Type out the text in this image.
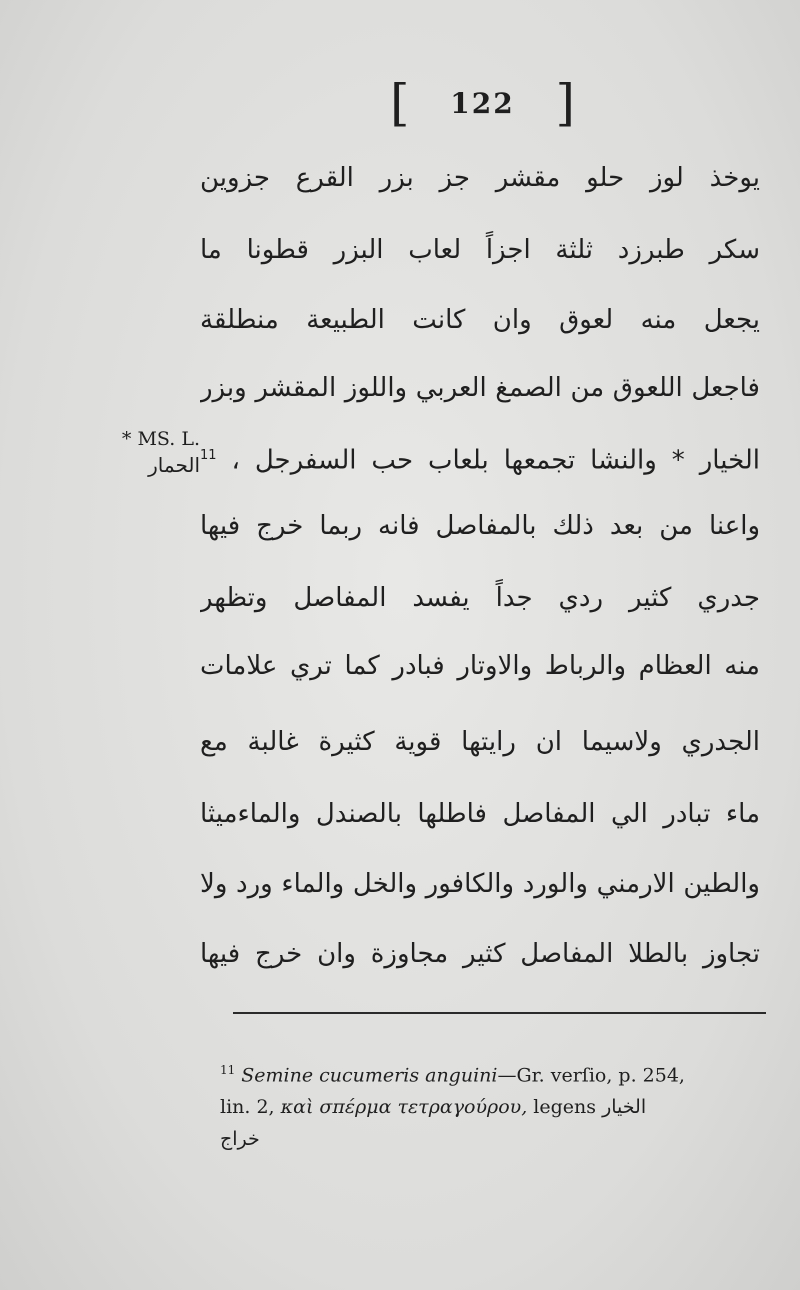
[ 122 ]
يوخذ لوز حلو مقشر جز بزر القرع جزوين
سكر طبرزد ثلثة اجزاً لعاب البزر قطونا ما
يجعل منه لعوق وان كانت الطبيعة منطلقة
فاجعل اللعوق من الصمغ العربي واللوز المقشر وبزر
الخيار * والنشا تجمعها بلعاب حب السفرجل ، $^{11}$
واعنا من بعد ذلك بالمفاصل فانه ربما خرج فيها
جدري كثير ردي جداً يفسد المفاصل وتظهر
منه العظام والرباط والاوتار فبادر كما تري علامات
الجدري ولاسيما ان رايتها قوية كثيرة غالبة مع
ماء تبادر الي المفاصل فاطلها بالصندل والماءميثا
والطين الارمني والورد والكافور والخل والماء ورد ولا
تجاوز بالطلا المفاصل كثير مجاوزة وان خرج فيها
* MS. L.
الحمار
$^{11}$ Semine cucumeris anguini—Gr. verſio, p. 254,
lin. 2, καὶ σπέρμα τετραγούρου, legens الخيار
خراج
